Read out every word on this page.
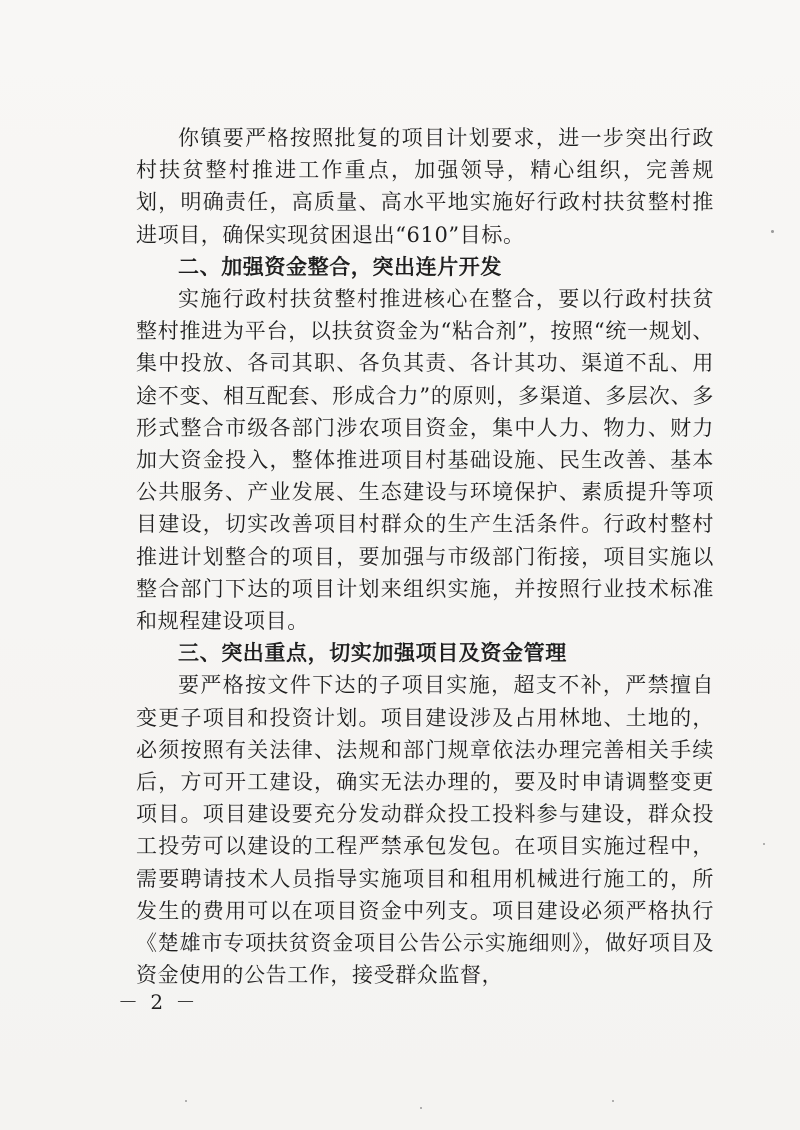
你镇要严格按照批复的项目计划要求，进一步突出行政村扶贫整村推进工作重点，加强领导，精心组织，完善规划，明确责任，高质量、高水平地实施好行政村扶贫整村推进项目，确保实现贫困退出“610”目标。

二、加强资金整合，突出连片开发

实施行政村扶贫整村推进核心在整合，要以行政村扶贫整村推进为平台，以扶贫资金为“粘合剂”，按照“统一规划、集中投放、各司其职、各负其责、各计其功、渠道不乱、用途不变、相互配套、形成合力”的原则，多渠道、多层次、多形式整合市级各部门涉农项目资金，集中人力、物力、财力加大资金投入，整体推进项目村基础设施、民生改善、基本公共服务、产业发展、生态建设与环境保护、素质提升等项目建设，切实改善项目村群众的生产生活条件。行政村整村推进计划整合的项目，要加强与市级部门衔接，项目实施以整合部门下达的项目计划来组织实施，并按照行业技术标准和规程建设项目。

三、突出重点，切实加强项目及资金管理

要严格按文件下达的子项目实施，超支不补，严禁擅自变更子项目和投资计划。项目建设涉及占用林地、土地的，必须按照有关法律、法规和部门规章依法办理完善相关手续后，方可开工建设，确实无法办理的，要及时申请调整变更项目。项目建设要充分发动群众投工投料参与建设，群众投工投劳可以建设的工程严禁承包发包。在项目实施过程中，需要聘请技术人员指导实施项目和租用机械进行施工的，所发生的费用可以在项目资金中列支。项目建设必须严格执行《楚雄市专项扶贫资金项目公告公示实施细则》，做好项目及资金使用的公告工作，接受群众监督，

－ 2 －
